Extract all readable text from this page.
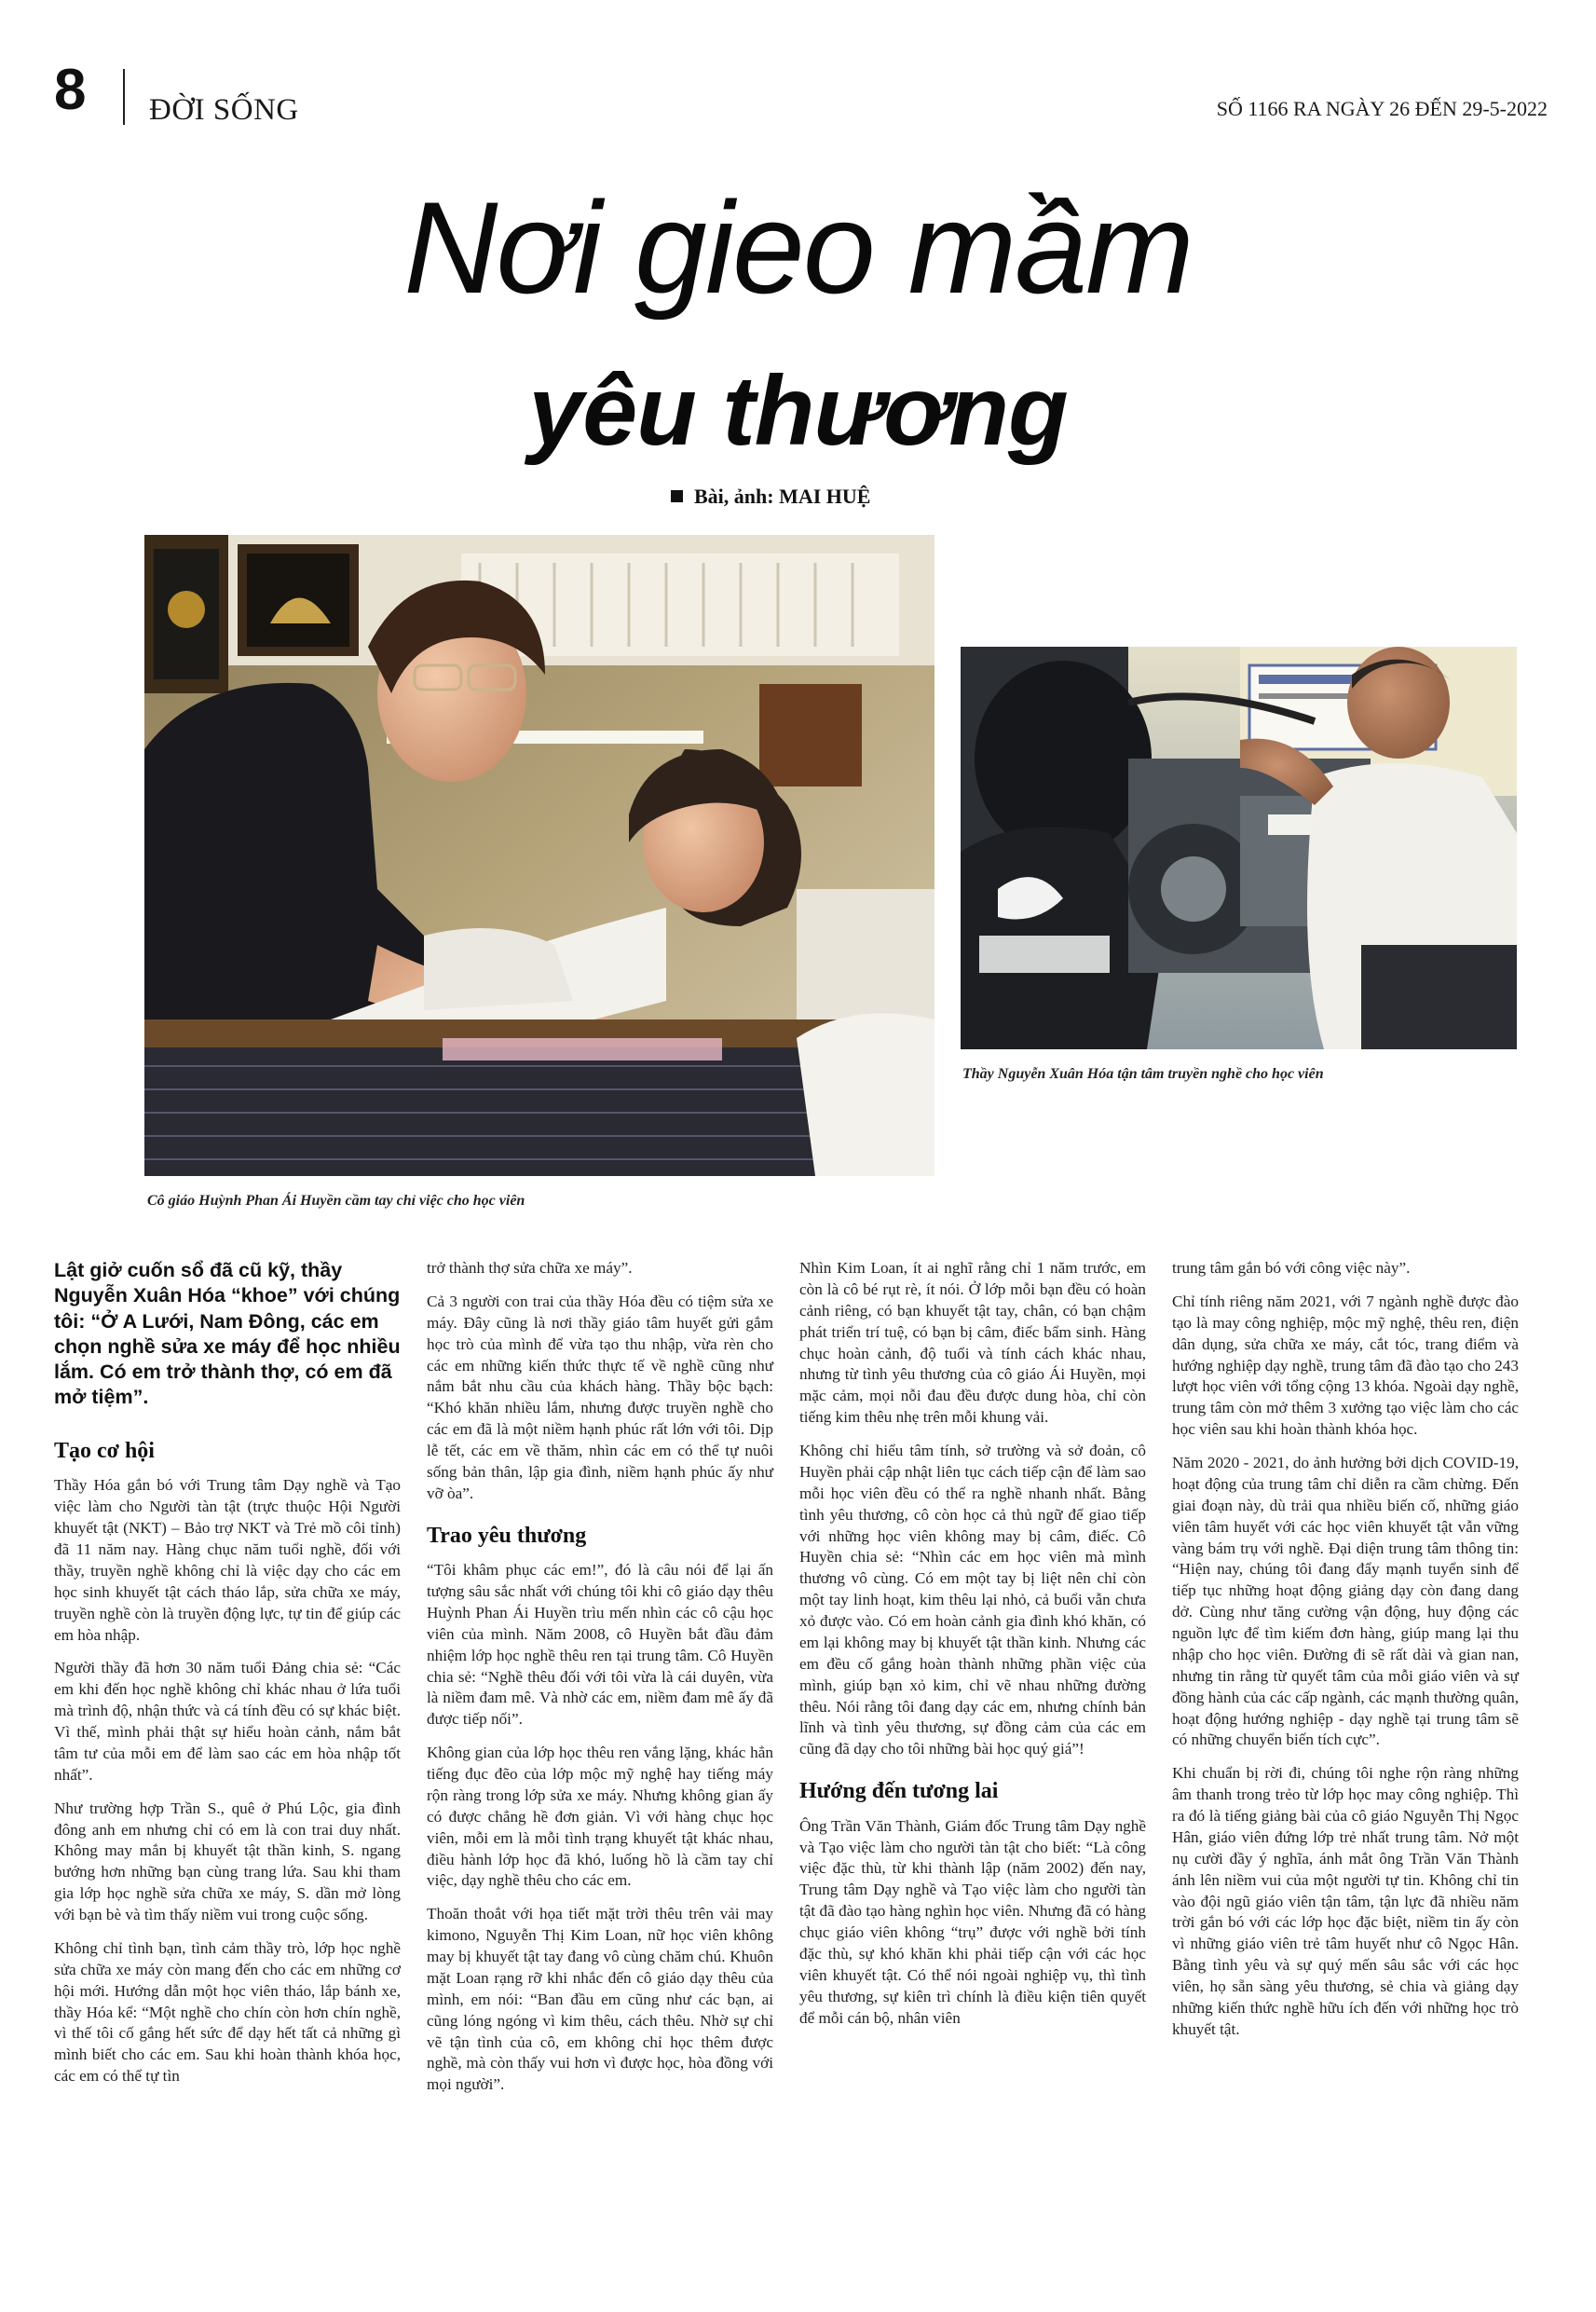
8 ĐỜI SỐNG	SỐ 1166 RA NGÀY 26 ĐẾN 29-5-2022
Nơi gieo mầm
yêu thương
Bài, ảnh: MAI HUỆ
Cô giáo Huỳnh Phan Ái Huyền cầm tay chỉ việc cho học viên
Thầy Nguyễn Xuân Hóa tận tâm truyền nghề cho học viên

Lật giở cuốn sổ đã cũ kỹ, thầy Nguyễn Xuân Hóa “khoe” với chúng tôi: “Ở A Lưới, Nam Đông, các em chọn nghề sửa xe máy để học nhiều lắm. Có em trở thành thợ, có em đã mở tiệm”.

Tạo cơ hội

Thầy Hóa gắn bó với Trung tâm Dạy nghề và Tạo việc làm cho Người tàn tật (trực thuộc Hội Người khuyết tật (NKT) – Bảo trợ NKT và Trẻ mồ côi tỉnh) đã 11 năm nay. Hàng chục năm tuổi nghề, đối với thầy, truyền nghề không chỉ là việc dạy cho các em học sinh khuyết tật cách tháo lắp, sửa chữa xe máy, truyền nghề còn là truyền động lực, tự tin để giúp các em hòa nhập.

Người thầy đã hơn 30 năm tuổi Đảng chia sẻ: “Các em khi đến học nghề không chỉ khác nhau ở lứa tuổi mà trình độ, nhận thức và cá tính đều có sự khác biệt. Vì thế, mình phải thật sự hiểu hoàn cảnh, nắm bắt tâm tư của mỗi em để làm sao các em hòa nhập tốt nhất”.

Như trường hợp Trần S., quê ở Phú Lộc, gia đình đông anh em nhưng chỉ có em là con trai duy nhất. Không may mắn bị khuyết tật thần kinh, S. ngang bướng hơn những bạn cùng trang lứa. Sau khi tham gia lớp học nghề sửa chữa xe máy, S. dần mở lòng với bạn bè và tìm thấy niềm vui trong cuộc sống.

Không chỉ tình bạn, tình cảm thầy trò, lớp học nghề sửa chữa xe máy còn mang đến cho các em những cơ hội mới. Hướng dẫn một học viên tháo, lắp bánh xe, thầy Hóa kể: “Một nghề cho chín còn hơn chín nghề, vì thế tôi cố gắng hết sức để dạy hết tất cả những gì mình biết cho các em. Sau khi hoàn thành khóa học, các em có thể tự tìn

trở thành thợ sửa chữa xe máy”.

Cả 3 người con trai của thầy Hóa đều có tiệm sửa xe máy. Đây cũng là nơi thầy giáo tâm huyết gửi gắm học trò của mình để vừa tạo thu nhập, vừa rèn cho các em những kiến thức thực tế về nghề cũng như nắm bắt nhu cầu của khách hàng. Thầy bộc bạch: “Khó khăn nhiều lắm, nhưng được truyền nghề cho các em đã là một niềm hạnh phúc rất lớn với tôi. Dịp lễ tết, các em về thăm, nhìn các em có thể tự nuôi sống bản thân, lập gia đình, niềm hạnh phúc ấy như vỡ òa”.

Trao yêu thương

“Tôi khâm phục các em!”, đó là câu nói để lại ấn tượng sâu sắc nhất với chúng tôi khi cô giáo dạy thêu Huỳnh Phan Ái Huyền trìu mến nhìn các cô cậu học viên của mình. Năm 2008, cô Huyền bắt đầu đảm nhiệm lớp học nghề thêu ren tại trung tâm. Cô Huyền chia sẻ: “Nghề thêu đối với tôi vừa là cái duyên, vừa là niềm đam mê. Và nhờ các em, niềm đam mê ấy đã được tiếp nối”.

Không gian của lớp học thêu ren vắng lặng, khác hẳn tiếng đục đẽo của lớp mộc mỹ nghệ hay tiếng máy rộn ràng trong lớp sửa xe máy. Nhưng không gian ấy có được chẳng hề đơn giản. Vì với hàng chục học viên, mỗi em là mỗi tình trạng khuyết tật khác nhau, điều hành lớp học đã khó, luống hồ là cầm tay chỉ việc, dạy nghề thêu cho các em.

Thoăn thoắt với họa tiết mặt trời thêu trên vải may kimono, Nguyễn Thị Kim Loan, nữ học viên không may bị khuyết tật tay đang vô cùng chăm chú. Khuôn mặt Loan rạng rỡ khi nhắc đến cô giáo dạy thêu của mình, em nói: “Ban đầu em cũng như các bạn, ai cũng lóng ngóng vì kim thêu, cách thêu. Nhờ sự chỉ vẽ tận tình của cô, em không chỉ học thêm được nghề, mà còn thấy vui hơn vì được học, hòa đồng với mọi người”.

Nhìn Kim Loan, ít ai nghĩ rằng chỉ 1 năm trước, em còn là cô bé rụt rè, ít nói. Ở lớp mỗi bạn đều có hoàn cảnh riêng, có bạn khuyết tật tay, chân, có bạn chậm phát triển trí tuệ, có bạn bị câm, điếc bẩm sinh. Hàng chục hoàn cảnh, độ tuổi và tính cách khác nhau, nhưng từ tình yêu thương của cô giáo Ái Huyền, mọi mặc cảm, mọi nỗi đau đều được dung hòa, chỉ còn tiếng kim thêu nhẹ trên mỗi khung vải.

Không chỉ hiểu tâm tính, sở trường và sở đoản, cô Huyền phải cập nhật liên tục cách tiếp cận để làm sao mỗi học viên đều có thể ra nghề nhanh nhất. Bằng tình yêu thương, cô còn học cả thủ ngữ để giao tiếp với những học viên không may bị câm, điếc. Cô Huyền chia sẻ: “Nhìn các em học viên mà mình thương vô cùng. Có em một tay bị liệt nên chỉ còn một tay linh hoạt, kim thêu lại nhỏ, cả buổi vẫn chưa xỏ được vào. Có em hoàn cảnh gia đình khó khăn, có em lại không may bị khuyết tật thần kinh. Nhưng các em đều cố gắng hoàn thành những phần việc của mình, giúp bạn xỏ kim, chỉ vẽ nhau những đường thêu. Nói rằng tôi đang dạy các em, nhưng chính bản lĩnh và tình yêu thương, sự đồng cảm của các em cũng đã dạy cho tôi những bài học quý giá”!

Hướng đến tương lai

Ông Trần Văn Thành, Giám đốc Trung tâm Dạy nghề và Tạo việc làm cho người tàn tật cho biết: “Là công việc đặc thù, từ khi thành lập (năm 2002) đến nay, Trung tâm Dạy nghề và Tạo việc làm cho người tàn tật đã đào tạo hàng nghìn học viên. Nhưng đã có hàng chục giáo viên không “trụ” được với nghề bởi tính đặc thù, sự khó khăn khi phải tiếp cận với các học viên khuyết tật. Có thể nói ngoài nghiệp vụ, thì tình yêu thương, sự kiên trì chính là điều kiện tiên quyết để mỗi cán bộ, nhân viên

trung tâm gắn bó với công việc này”.

Chỉ tính riêng năm 2021, với 7 ngành nghề được đào tạo là may công nghiệp, mộc mỹ nghệ, thêu ren, điện dân dụng, sửa chữa xe máy, cắt tóc, trang điểm và hướng nghiệp dạy nghề, trung tâm đã đào tạo cho 243 lượt học viên với tổng cộng 13 khóa. Ngoài dạy nghề, trung tâm còn mở thêm 3 xưởng tạo việc làm cho các học viên sau khi hoàn thành khóa học.

Năm 2020 - 2021, do ảnh hưởng bởi dịch COVID-19, hoạt động của trung tâm chỉ diễn ra cầm chừng. Đến giai đoạn này, dù trải qua nhiều biến cố, những giáo viên tâm huyết với các học viên khuyết tật vẫn vững vàng bám trụ với nghề. Đại diện trung tâm thông tin: “Hiện nay, chúng tôi đang đẩy mạnh tuyển sinh để tiếp tục những hoạt động giảng dạy còn đang dang dở. Cùng như tăng cường vận động, huy động các nguồn lực để tìm kiếm đơn hàng, giúp mang lại thu nhập cho học viên. Đường đi sẽ rất dài và gian nan, nhưng tin rằng từ quyết tâm của mỗi giáo viên và sự đồng hành của các cấp ngành, các mạnh thường quân, hoạt động hướng nghiệp - dạy nghề tại trung tâm sẽ có những chuyển biến tích cực”.

Khi chuẩn bị rời đi, chúng tôi nghe rộn ràng những âm thanh trong trẻo từ lớp học may công nghiệp. Thì ra đó là tiếng giảng bài của cô giáo Nguyễn Thị Ngọc Hân, giáo viên đứng lớp trẻ nhất trung tâm. Nở một nụ cười đầy ý nghĩa, ánh mắt ông Trần Văn Thành ánh lên niềm vui của một người tự tin. Không chỉ tin vào đội ngũ giáo viên tận tâm, tận lực đã nhiều năm trời gắn bó với các lớp học đặc biệt, niềm tin ấy còn vì những giáo viên trẻ tâm huyết như cô Ngọc Hân. Bằng tình yêu và sự quý mến sâu sắc với các học viên, họ sẵn sàng yêu thương, sẻ chia và giảng dạy những kiến thức nghề hữu ích đến với những học trò khuyết tật.
